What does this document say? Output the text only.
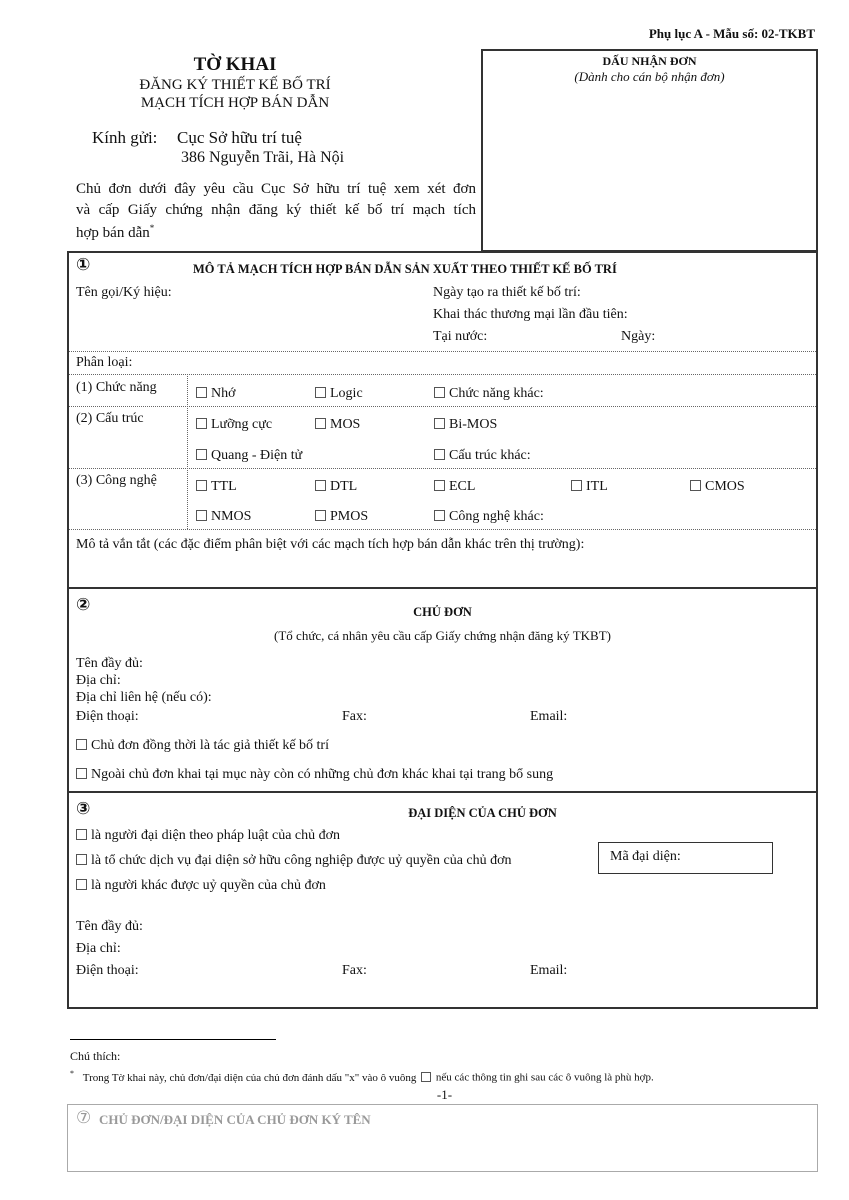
Phụ lục A - Mẫu số: 02-TKBT
TỜ KHAI
ĐĂNG KÝ THIẾT KẾ BỐ TRÍ
MẠCH TÍCH HỢP BÁN DẪN
Kính gửi: Cục Sở hữu trí tuệ
386 Nguyễn Trãi, Hà Nội
Chủ đơn dưới đây yêu cầu Cục Sở hữu trí tuệ xem xét đơn
và cấp Giấy chứng nhận đăng ký thiết kế bố trí mạch tích
hợp bán dẫn*
DẤU NHẬN ĐƠN
(Dành cho cán bộ nhận đơn)
①	MÔ TẢ MẠCH TÍCH HỢP BÁN DẪN SẢN XUẤT THEO THIẾT KẾ BỐ TRÍ
Tên gọi/Ký hiệu:	Ngày tạo ra thiết kế bố trí:
Khai thác thương mại lần đầu tiên:
Tại nước:	Ngày:
Phân loại:
(1) Chức năng	Nhớ	Logic	Chức năng khác:
(2) Cấu trúc	Lưỡng cực	MOS	Bi-MOS
Quang - Điện tử	Cấu trúc khác:
(3) Công nghệ	TTL	DTL	ECL	ITL	CMOS
NMOS	PMOS	Công nghệ khác:
Mô tả vắn tắt (các đặc điểm phân biệt với các mạch tích hợp bán dẫn khác trên thị trường):
②	CHỦ ĐƠN
(Tổ chức, cá nhân yêu cầu cấp Giấy chứng nhận đăng ký TKBT)
Tên đầy đủ:
Địa chỉ:
Địa chỉ liên hệ (nếu có):
Điện thoại:	Fax:	Email:
Chủ đơn đồng thời là tác giả thiết kế bố trí
Ngoài chủ đơn khai tại mục này còn có những chủ đơn khác khai tại trang bổ sung
③	ĐẠI DIỆN CỦA CHỦ ĐƠN
là người đại diện theo pháp luật của chủ đơn
là tổ chức dịch vụ đại diện sở hữu công nghiệp được uỷ quyền của chủ đơn
là người khác được uỷ quyền của chủ đơn
Mã đại diện:
Tên đầy đủ:
Địa chỉ:
Điện thoại:	Fax:	Email:
Chú thích:
* Trong Tờ khai này, chủ đơn/đại diện của chủ đơn đánh dấu "x" vào ô vuông nếu các thông tin ghi sau các ô vuông là phù hợp.
-1-
⑦ CHỦ ĐƠN/ĐẠI DIỆN CỦA CHỦ ĐƠN KÝ TÊN
